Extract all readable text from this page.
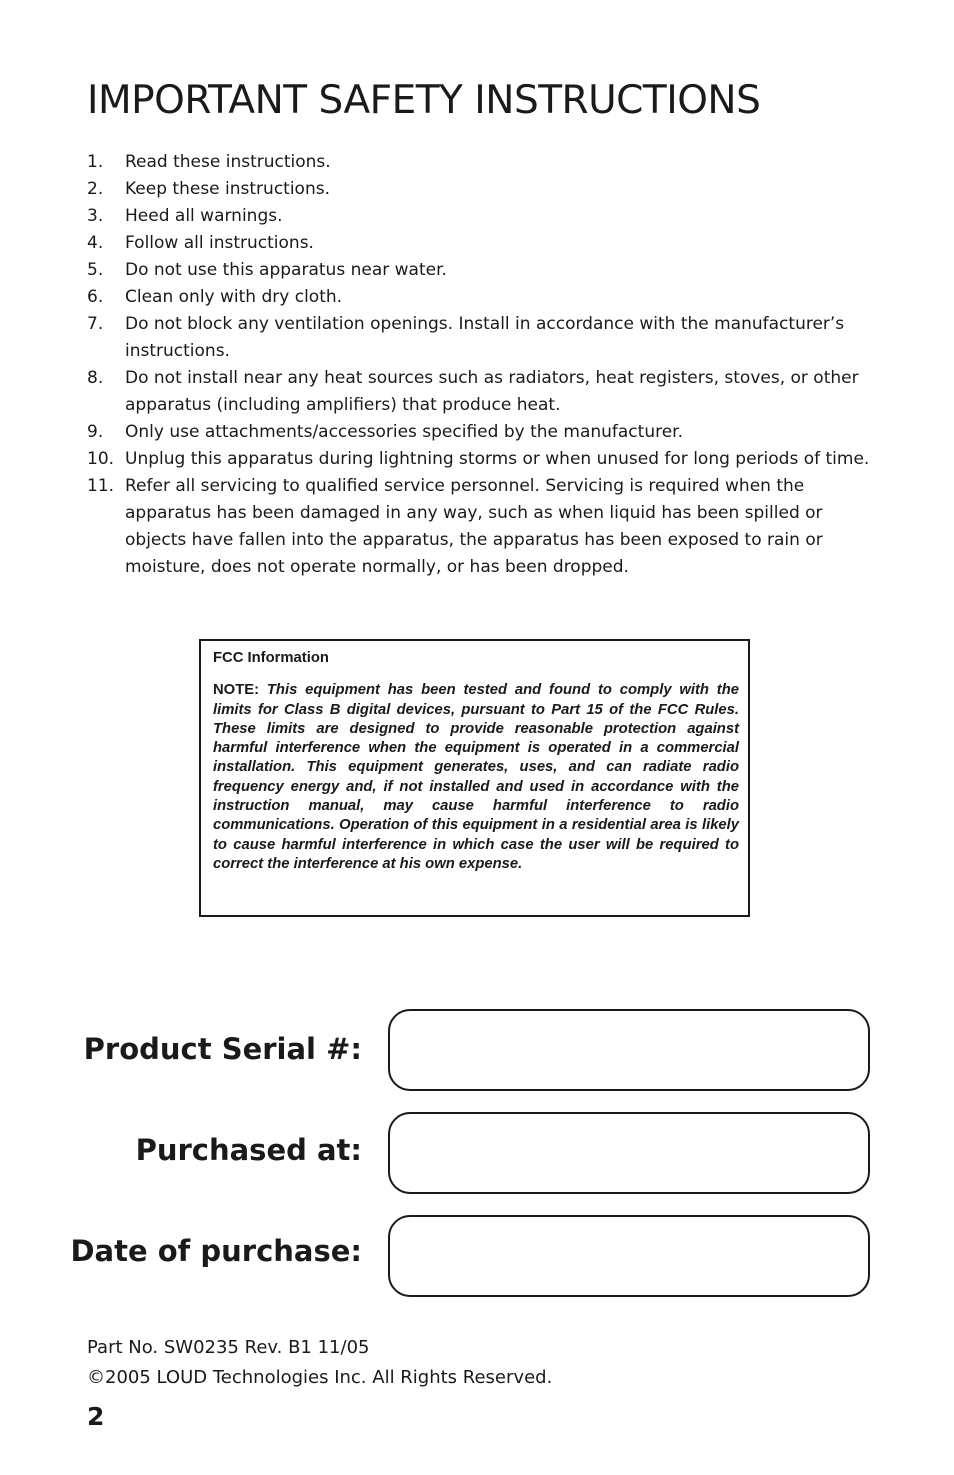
IMPORTANT SAFETY INSTRUCTIONS
1. Read these instructions.
2. Keep these instructions.
3. Heed all warnings.
4. Follow all instructions.
5. Do not use this apparatus near water.
6. Clean only with dry cloth.
7. Do not block any ventilation openings. Install in accordance with the manufacturer’s instructions.
8. Do not install near any heat sources such as radiators, heat registers, stoves, or other apparatus (including amplifiers) that produce heat.
9. Only use attachments/accessories specified by the manufacturer.
10. Unplug this apparatus during lightning storms or when unused for long periods of time.
11. Refer all servicing to qualified service personnel. Servicing is required when the apparatus has been damaged in any way, such as when liquid has been spilled or objects have fallen into the apparatus, the apparatus has been exposed to rain or moisture, does not operate normally, or has been dropped.
FCC Information
NOTE: This equipment has been tested and found to comply with the limits for Class B digital devices, pursuant to Part 15 of the FCC Rules. These limits are designed to provide reasonable protection against harmful interference when the equipment is operated in a commercial installation. This equipment generates, uses, and can radiate radio frequency energy and, if not installed and used in accordance with the instruction manual, may cause harmful interference to radio communications. Operation of this equipment in a residential area is likely to cause harmful interference in which case the user will be required to correct the interference at his own expense.
Product Serial #:
Purchased at:
Date of purchase:
Part No. SW0235 Rev. B1 11/05
©2005 LOUD Technologies Inc. All Rights Reserved.
2
